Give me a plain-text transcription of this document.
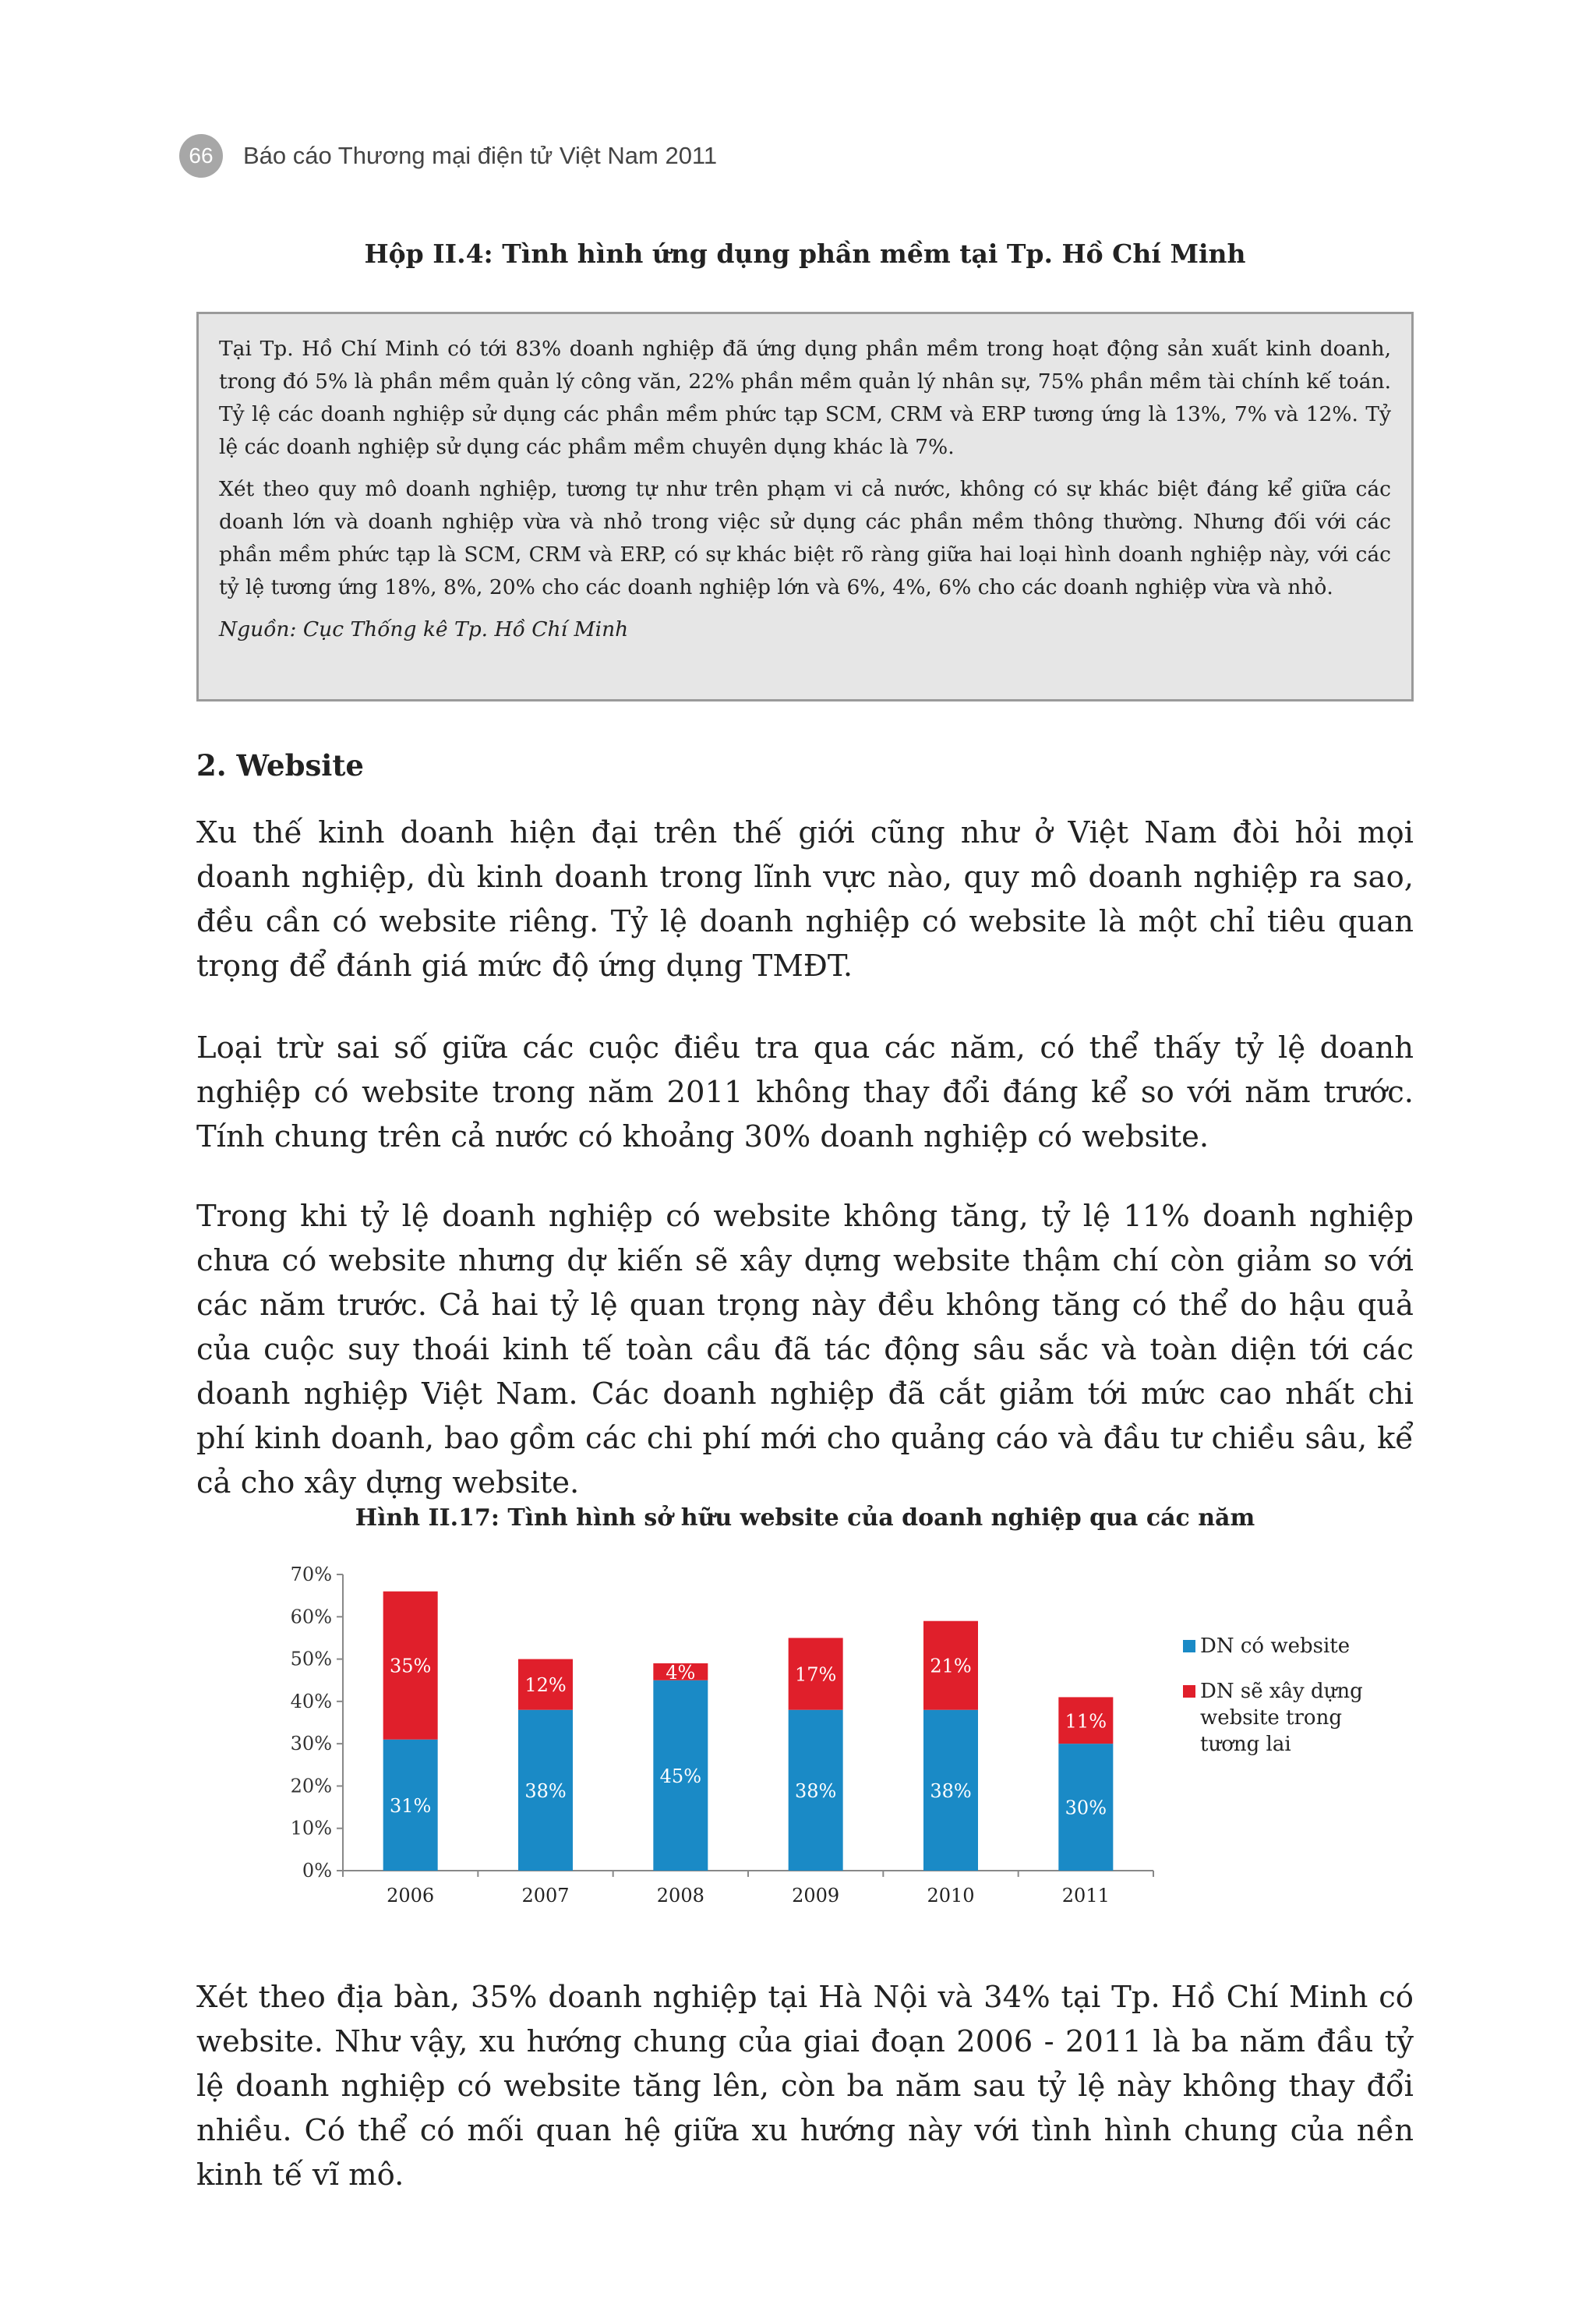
66	Báo cáo Thương mại điện tử Việt Nam 2011
Hộp II.4: Tình hình ứng dụng phần mềm tại Tp. Hồ Chí Minh

Tại Tp. Hồ Chí Minh có tới 83% doanh nghiệp đã ứng dụng phần mềm trong hoạt động sản xuất kinh doanh, trong đó 5% là phần mềm quản lý công văn, 22% phần mềm quản lý nhân sự, 75% phần mềm tài chính kế toán. Tỷ lệ các doanh nghiệp sử dụng các phần mềm phức tạp SCM, CRM và ERP tương ứng là 13%, 7% và 12%. Tỷ lệ các doanh nghiệp sử dụng các phầm mềm chuyên dụng khác là 7%.

Xét theo quy mô doanh nghiệp, tương tự như trên phạm vi cả nước, không có sự khác biệt đáng kể giữa các doanh lớn và doanh nghiệp vừa và nhỏ trong việc sử dụng các phần mềm thông thường. Nhưng đối với các phần mềm phức tạp là SCM, CRM và ERP, có sự khác biệt rõ ràng giữa hai loại hình doanh nghiệp này, với các tỷ lệ tương ứng 18%, 8%, 20% cho các doanh nghiệp lớn và 6%, 4%, 6% cho các doanh nghiệp vừa và nhỏ.

Nguồn: Cục Thống kê Tp. Hồ Chí Minh

2. Website

Xu thế kinh doanh hiện đại trên thế giới cũng như ở Việt Nam đòi hỏi mọi doanh nghiệp, dù kinh doanh trong lĩnh vực nào, quy mô doanh nghiệp ra sao, đều cần có website riêng. Tỷ lệ doanh nghiệp có website là một chỉ tiêu quan trọng để đánh giá mức độ ứng dụng TMĐT.

Loại trừ sai số giữa các cuộc điều tra qua các năm, có thể thấy tỷ lệ doanh nghiệp có website trong năm 2011 không thay đổi đáng kể so với năm trước. Tính chung trên cả nước có khoảng 30% doanh nghiệp có website.

Trong khi tỷ lệ doanh nghiệp có website không tăng, tỷ lệ 11% doanh nghiệp chưa có website nhưng dự kiến sẽ xây dựng website thậm chí còn giảm so với các năm trước. Cả hai tỷ lệ quan trọng này đều không tăng có thể do hậu quả của cuộc suy thoái kinh tế toàn cầu đã tác động sâu sắc và toàn diện tới các doanh nghiệp Việt Nam. Các doanh nghiệp đã cắt giảm tới mức cao nhất chi phí kinh doanh, bao gồm các chi phí mới cho quảng cáo và đầu tư chiều sâu, kể cả cho xây dựng website.

Hình II.17: Tình hình sở hữu website của doanh nghiệp qua các năm
0%
10%
20%
30%
40%
50%
60%
70%
31%
35%
2006
38%
12%
2007
45%
4%
2008
38%
17%
2009
38%
21%
2010
30%
11%
2011
DN có website
DN sẽ xây dựng
website trong
tương lai

Xét theo địa bàn, 35% doanh nghiệp tại Hà Nội và 34% tại Tp. Hồ Chí Minh có website. Như vậy, xu hướng chung của giai đoạn 2006 - 2011 là ba năm đầu tỷ lệ doanh nghiệp có website tăng lên, còn ba năm sau tỷ lệ này không thay đổi nhiều. Có thể có mối quan hệ giữa xu hướng này với tình hình chung của nền kinh tế vĩ mô.
